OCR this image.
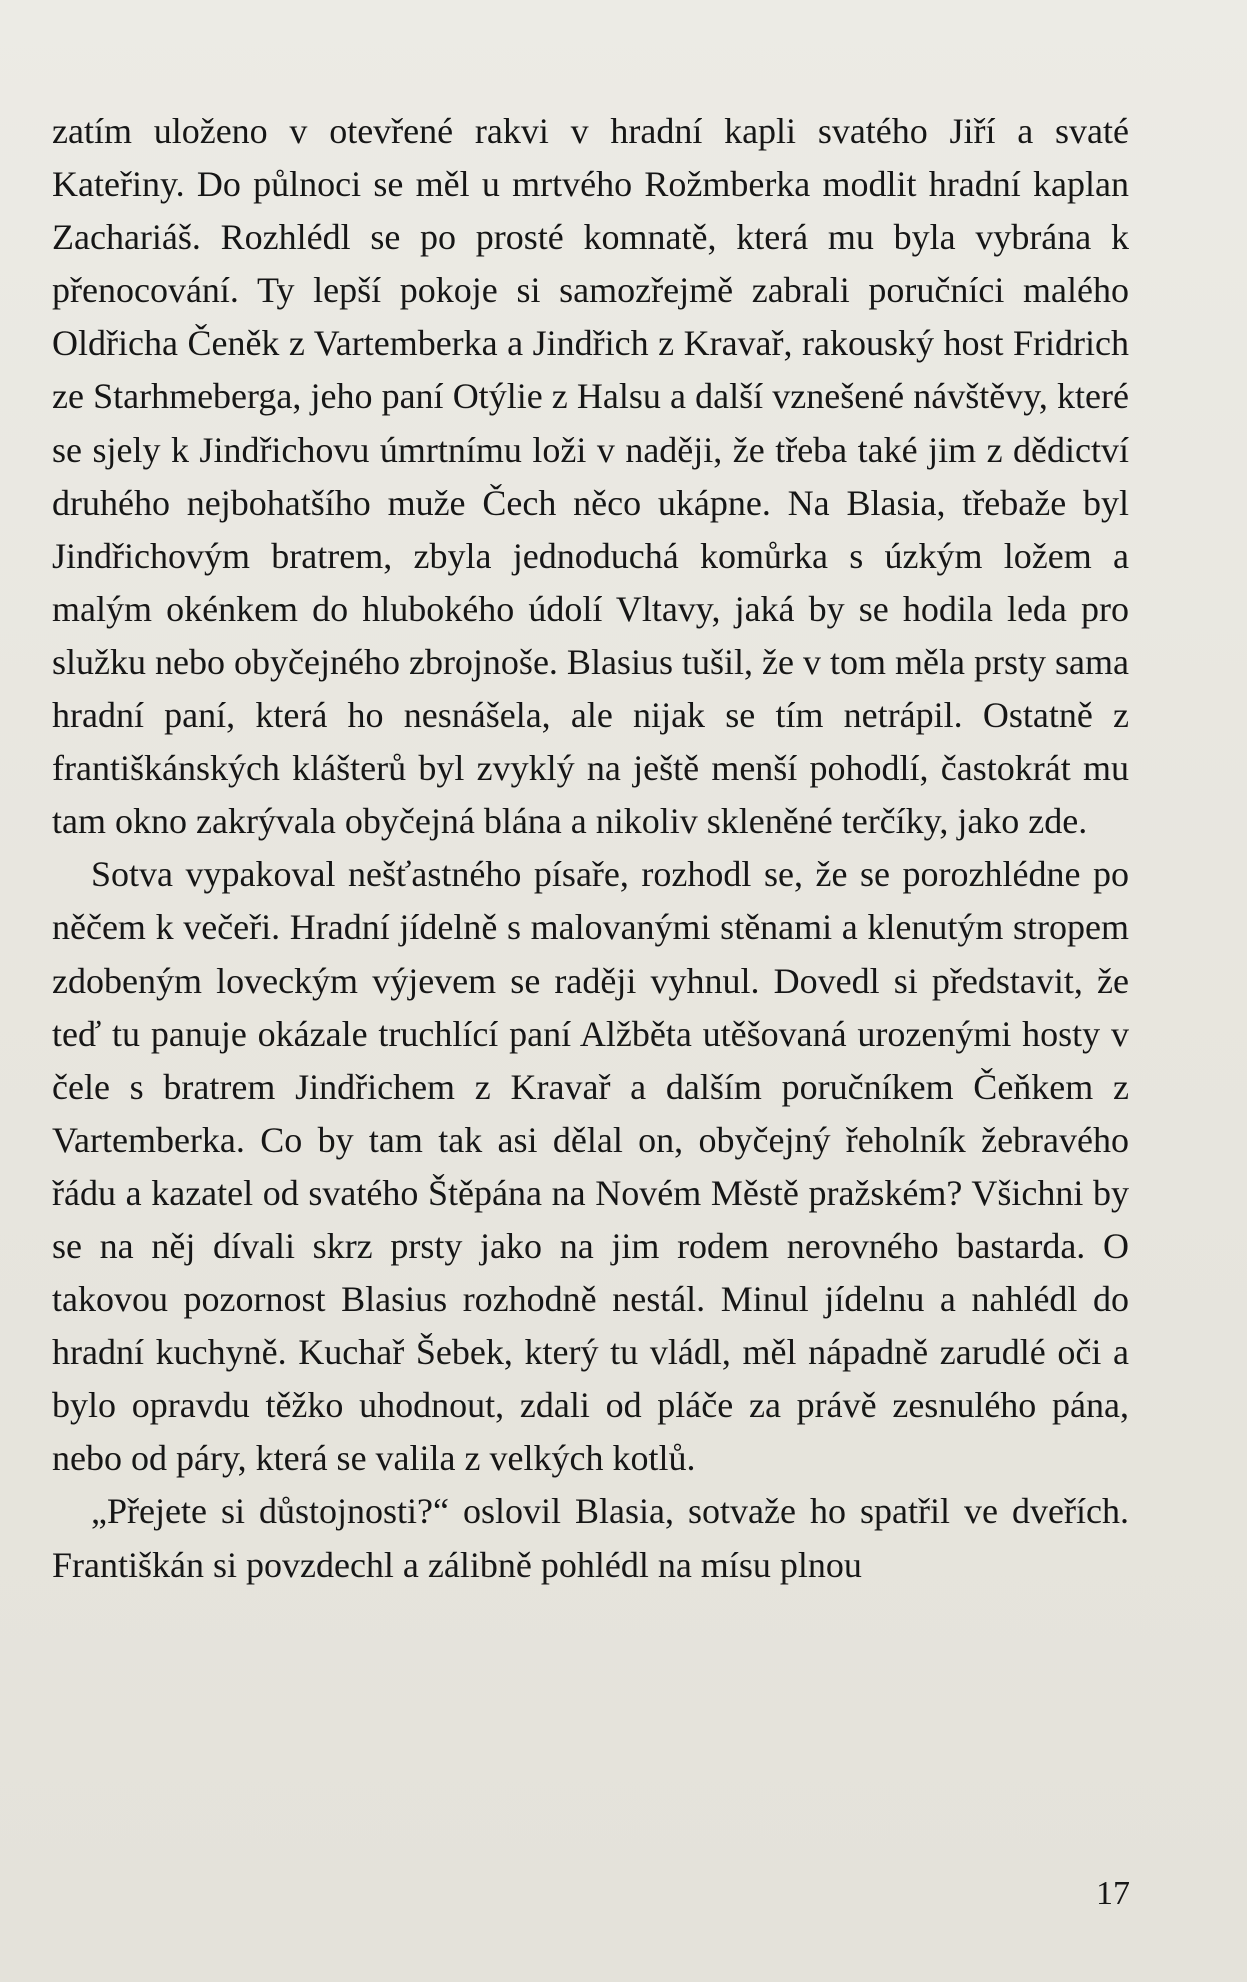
zatím uloženo v otevřené rakvi v hradní kapli svatého Jiří a svaté Kateřiny. Do půlnoci se měl u mrtvého Rožmberka modlit hradní kaplan Zachariáš. Rozhlédl se po prosté komnatě, která mu byla vybrána k přenocování. Ty lepší pokoje si samozřejmě zabrali poručníci malého Oldřicha Čeněk z Vartemberka a Jindřich z Kravař, rakouský host Fridrich ze Starhmeberga, jeho paní Otýlie z Halsu a další vznešené návštěvy, které se sjely k Jindřichovu úmrtnímu loži v naději, že třeba také jim z dědictví druhého nejbohatšího muže Čech něco ukápne. Na Blasia, třebaže byl Jindřichovým bratrem, zbyla jednoduchá komůrka s úzkým ložem a malým okénkem do hlubokého údolí Vltavy, jaká by se hodila leda pro služku nebo obyčejného zbrojnoše. Blasius tušil, že v tom měla prsty sama hradní paní, která ho nesnášela, ale nijak se tím netrápil. Ostatně z františkánských klášterů byl zvyklý na ještě menší pohodlí, častokrát mu tam okno zakrývala obyčejná blána a nikoliv skleněné terčíky, jako zde.

Sotva vypakoval nešťastného písaře, rozhodl se, že se porozhlédne po něčem k večeři. Hradní jídelně s malovanými stěnami a klenutým stropem zdobeným loveckým výjevem se raději vyhnul. Dovedl si představit, že teď tu panuje okázale truchlící paní Alžběta utěšovaná urozenými hosty v čele s bratrem Jindřichem z Kravař a dalším poručníkem Čeňkem z Vartemberka. Co by tam tak asi dělal on, obyčejný řeholník žebravého řádu a kazatel od svatého Štěpána na Novém Městě pražském? Všichni by se na něj dívali skrz prsty jako na jim rodem nerovného bastarda. O takovou pozornost Blasius rozhodně nestál. Minul jídelnu a nahlédl do hradní kuchyně. Kuchař Šebek, který tu vládl, měl nápadně zarudlé oči a bylo opravdu těžko uhodnout, zdali od pláče za právě zesnulého pána, nebo od páry, která se valila z velkých kotlů.

„Přejete si důstojnosti?“ oslovil Blasia, sotvaže ho spatřil ve dveřích. Františkán si povzdechl a zálibně pohlédl na mísu plnou

17
